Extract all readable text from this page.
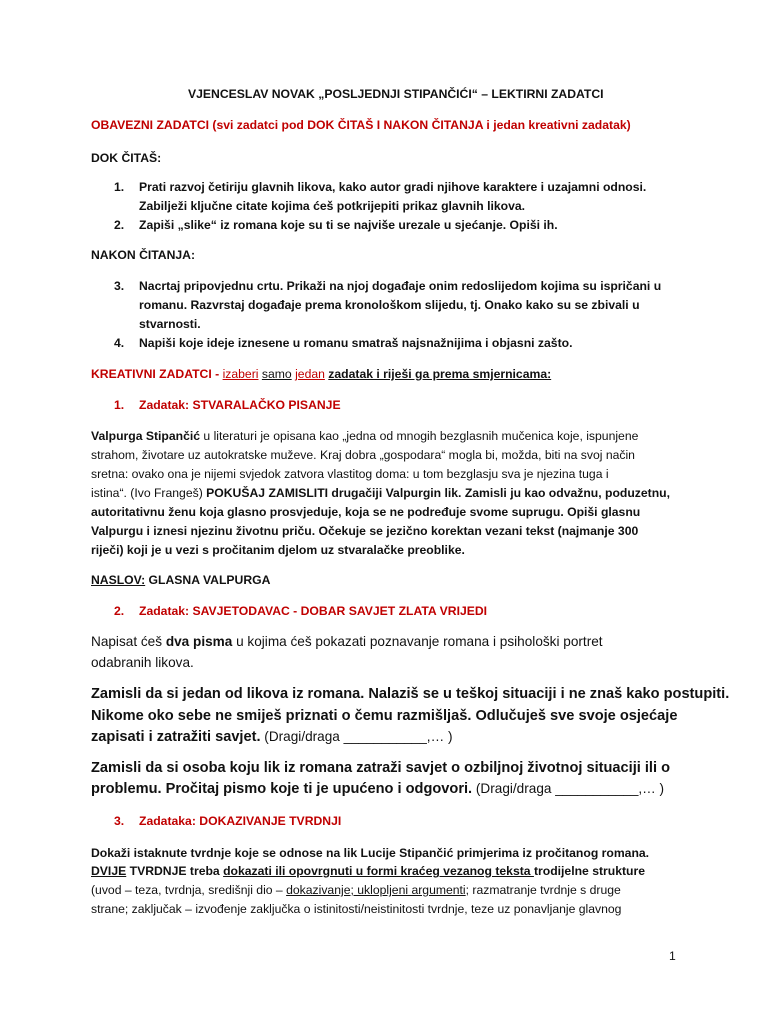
VJENCESLAV NOVAK „POSLJEDNJI STIPANČIĆI“ – LEKTIRNI ZADATCI
OBAVEZNI ZADATCI (svi zadatci pod DOK ČITAŠ I NAKON ČITANJA i jedan kreativni zadatak)
DOK ČITAŠ:
1. Prati razvoj četiriju glavnih likova, kako autor gradi njihove karaktere i uzajamni odnosi.
Zabilježi ključne citate kojima ćeš potkrijepiti prikaz glavnih likova.
2. Zapiši „slike“ iz romana koje su ti se najviše urezale u sjećanje. Opiši ih.
NAKON ČITANJA:
3. Nacrtaj pripovjednu crtu. Prikaži na njoj događaje onim redoslijedom kojima su ispričani u
romanu. Razvrstaj događaje prema kronološkom slijedu, tj. Onako kako su se zbivali u
stvarnosti.
4. Napiši koje ideje iznesene u romanu smatraš najsnažnijima i objasni zašto.
KREATIVNI ZADATCI - izaberi samo jedan zadatak i riješi ga prema smjernicama:
1. Zadatak: STVARALAČKO PISANJE
Valpurga Stipančić u literaturi je opisana kao „jedna od mnogih bezglasnih mučenica koje, ispunjene
strahom, životare uz autokratske muževe. Kraj dobra „gospodara“ mogla bi, možda, biti na svoj način
sretna: ovako ona je nijemi svjedok zatvora vlastitog doma: u tom bezglasju sva je njezina tuga i
istina“. (Ivo Frangeš) POKUŠAJ ZAMISLITI drugačiji Valpurgin lik. Zamisli ju kao odvažnu, poduzetnu,
autoritativnu ženu koja glasno prosvjeduje, koja se ne podređuje svome suprugu. Opiši glasnu
Valpurgu i iznesi njezinu životnu priču. Očekuje se jezično korektan vezani tekst (najmanje 300
riječi) koji je u vezi s pročitanim djelom uz stvaralačke preoblike.
NASLOV: GLASNA VALPURGA
2. Zadatak: SAVJETODAVAC - DOBAR SAVJET ZLATA VRIJEDI
Napisat ćeš dva pisma u kojima ćeš pokazati poznavanje romana i psihološki portret
odabranih likova.
Zamisli da si jedan od likova iz romana. Nalaziš se u teškoj situaciji i ne znaš kako postupiti.
Nikome oko sebe ne smiješ priznati o čemu razmišljaš. Odlučuješ sve svoje osjećaje
zapisati i zatražiti savjet. (Dragi/draga ___________,… )
Zamisli da si osoba koju lik iz romana zatraži savjet o ozbiljnoj životnoj situaciji ili o
problemu. Pročitaj pismo koje ti je upućeno i odgovori. (Dragi/draga ___________,… )
3. Zadataka: DOKAZIVANJE TVRDNJI
Dokaži istaknute tvrdnje koje se odnose na lik Lucije Stipančić primjerima iz pročitanog romana.
DVIJE TVRDNJE treba dokazati ili opovrgnuti u formi kraćeg vezanog teksta trodijelne strukture
(uvod – teza, tvrdnja, središnji dio – dokazivanje; uklopljeni argumenti; razmatranje tvrdnje s druge
strane; zaključak – izvođenje zaključka o istinitosti/neistinitosti tvrdnje, teze uz ponavljanje glavnog
1
